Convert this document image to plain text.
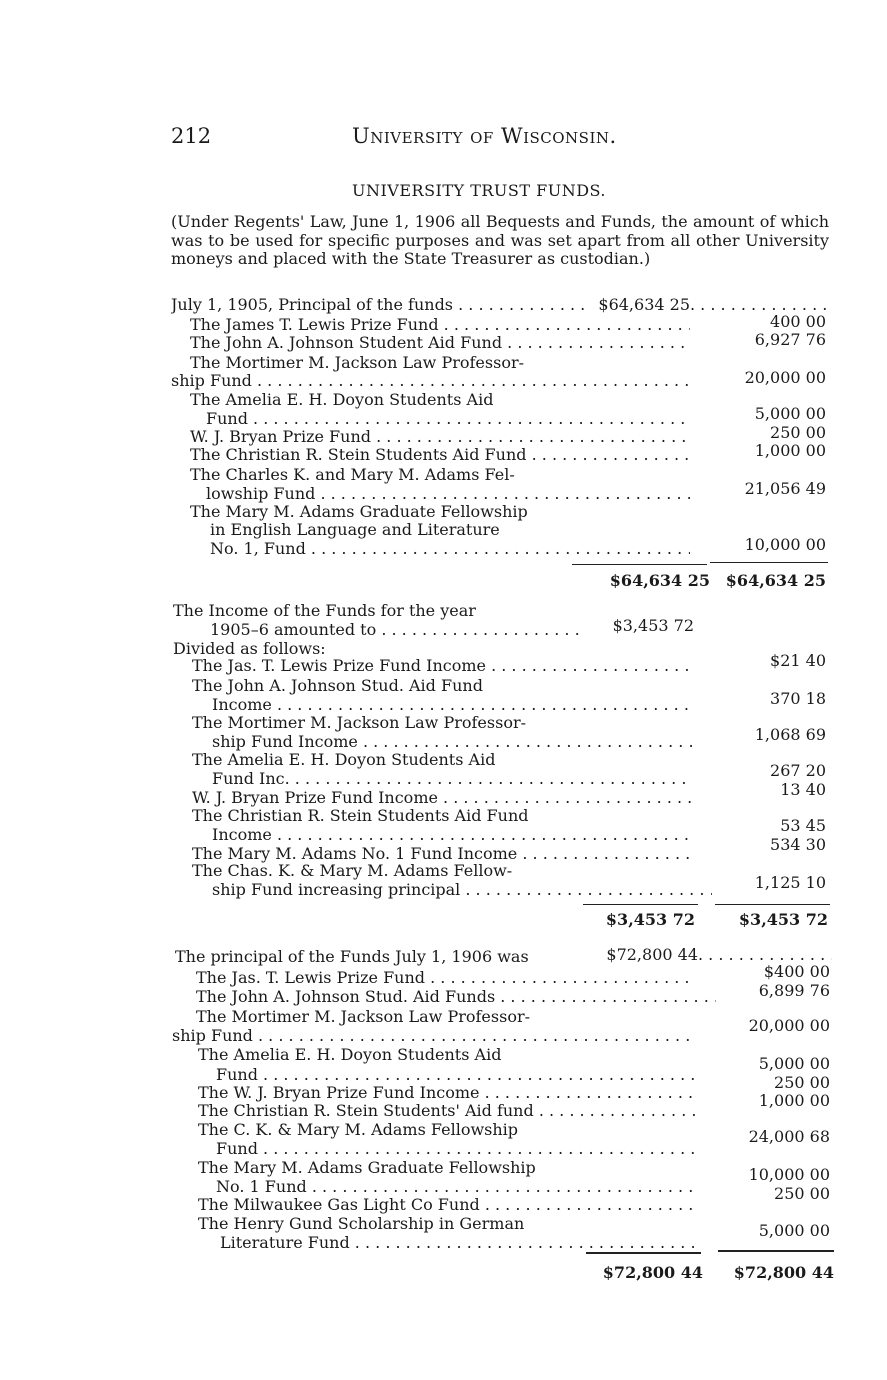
212	University of Wisconsin.
UNIVERSITY TRUST FUNDS.
(Under Regents' Law, June 1, 1906 all Bequests and Funds, the amount of which was to be used for specific purposes and was set apart from all other University moneys and placed with the State Treasurer as custodian.)
July 1, 1905, Principal of the funds . . .	$64,634 25
. . .
The James T. Lewis Prize Fund . . .	400 00
The John A. Johnson Student Aid Fund . . .	6,927 76
The Mortimer M. Jackson Law Professor-
ship Fund . . .	20,000 00
The Amelia E. H. Doyon Students Aid
Fund . . .	5,000 00
W. J. Bryan Prize Fund . . .	250 00
The Christian R. Stein Students Aid Fund . . .	1,000 00
The Charles K. and Mary M. Adams Fel-
lowship Fund . . .	21,056 49
The Mary M. Adams Graduate Fellowship
in English Language and Literature
No. 1, Fund . . .	10,000 00
$64,634 25 $64,634 25
The Income of the Funds for the year
1905–6 amounted to . . .	$3,453 72
Divided as follows:
The Jas. T. Lewis Prize Fund Income . . .	$21 40
The John A. Johnson Stud. Aid Fund
Income . . .	370 18
The Mortimer M. Jackson Law Professor-
ship Fund Income . . .	1,068 69
The Amelia E. H. Doyon Students Aid
Fund Inc. . . .	267 20
W. J. Bryan Prize Fund Income . . .	13 40
The Christian R. Stein Students Aid Fund
Income . . .	53 45
The Mary M. Adams No. 1 Fund Income . . .	534 30
The Chas. K. & Mary M. Adams Fellow-
ship Fund increasing principal . . .	1,125 10
$3,453 72	$3,453 72
The principal of the Funds July 1, 1906 was	$72,800 44
. . .
The Jas. T. Lewis Prize Fund . . .	$400 00
The John A. Johnson Stud. Aid Funds . . .	6,899 76
The Mortimer M. Jackson Law Professor-
ship Fund . . .
20,000 00
The Amelia E. H. Doyon Students Aid
Fund . . .
5,000 00
The W. J. Bryan Prize Fund Income . . .
250 00
The Christian R. Stein Students' Aid fund . . .
1,000 00
The C. K. & Mary M. Adams Fellowship
Fund . . .
24,000 68
The Mary M. Adams Graduate Fellowship
No. 1 Fund . . .
10,000 00
The Milwaukee Gas Light Co Fund . . .
250 00
The Henry Gund Scholarship in German
Literature Fund . . .
5,000 00
$72,800 44	$72,800 44
